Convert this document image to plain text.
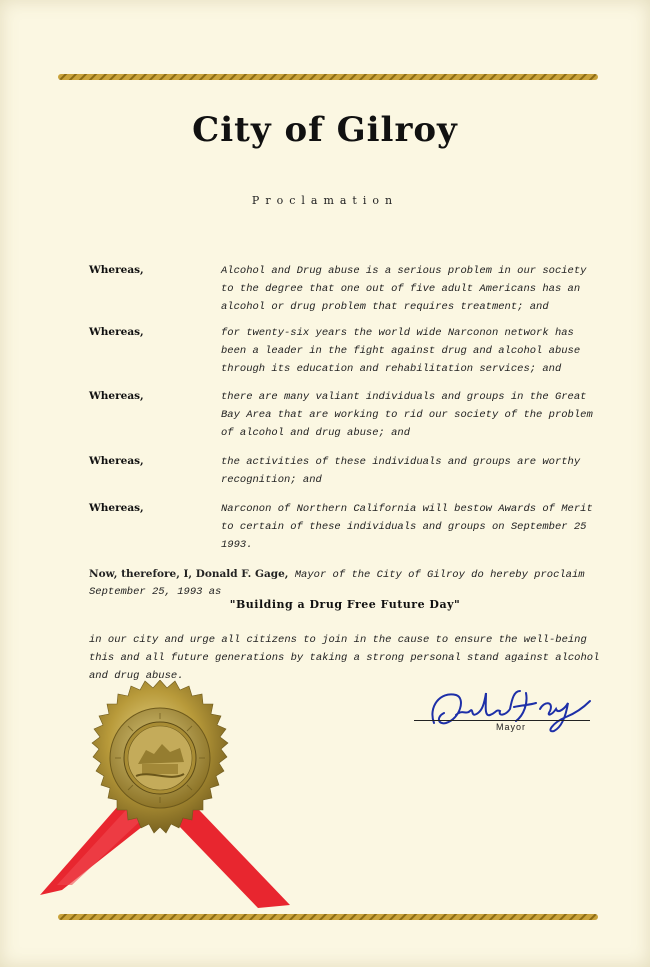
City of Gilroy
Proclamation
Whereas,	Alcohol and Drug abuse is a serious problem in our society
to the degree that one out of five adult Americans has an
alcohol or drug problem that requires treatment; and
Whereas,	for twenty-six years the world wide Narconon network has
been a leader in the fight against drug and alcohol abuse
through its education and rehabilitation services; and
Whereas,	there are many valiant individuals and groups in the Great
Bay Area that are working to rid our society of the problem
of alcohol and drug abuse; and
Whereas,	the activities of these individuals and groups are worthy
recognition; and
Whereas,	Narconon of Northern California will bestow Awards of Merit
to certain of these individuals and groups on September 25
1993.
Now, therefore, I, Donald F. Gage, Mayor of the City of Gilroy do hereby proclaim
September 25, 1993 as
"Building a Drug Free Future Day"
in our city and urge all citizens to join in the cause to ensure the well-being
this and all future generations by taking a strong personal stand against alcohol
and drug abuse.
Mayor
